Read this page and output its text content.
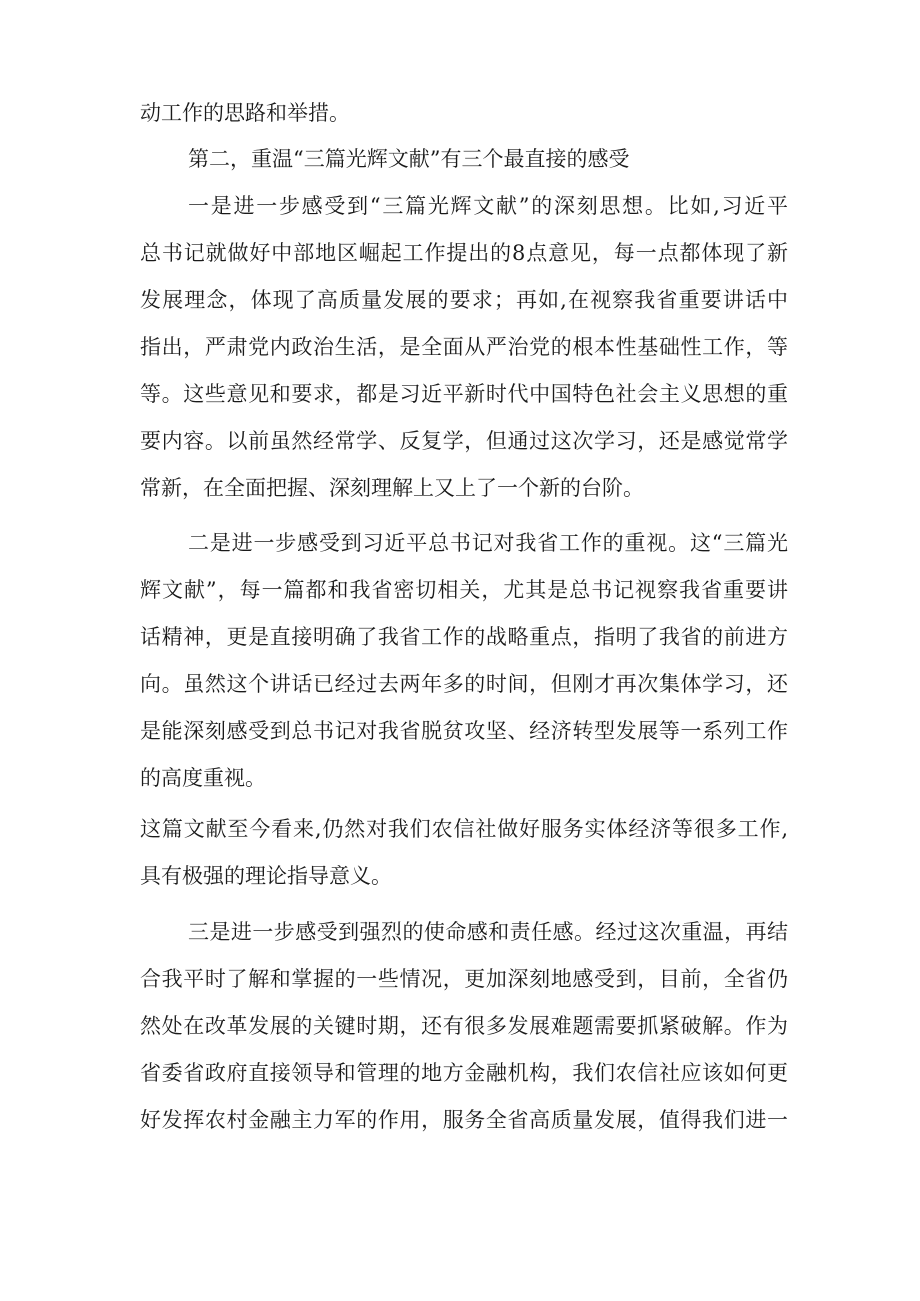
动工作的思路和举措。
第二，重温“三篇光辉文献”有三个最直接的感受
一是进一步感受到“三篇光辉文献”的深刻思想。比如,习近平
总书记就做好中部地区崛起工作提出的8点意见，每一点都体现了新
发展理念，体现了高质量发展的要求；再如,在视察我省重要讲话中
指出，严肃党内政治生活，是全面从严治党的根本性基础性工作，等
等。这些意见和要求，都是习近平新时代中国特色社会主义思想的重
要内容。以前虽然经常学、反复学，但通过这次学习，还是感觉常学
常新，在全面把握、深刻理解上又上了一个新的台阶。
二是进一步感受到习近平总书记对我省工作的重视。这“三篇光
辉文献”，每一篇都和我省密切相关，尤其是总书记视察我省重要讲
话精神，更是直接明确了我省工作的战略重点，指明了我省的前进方
向。虽然这个讲话已经过去两年多的时间，但刚才再次集体学习，还
是能深刻感受到总书记对我省脱贫攻坚、经济转型发展等一系列工作
的高度重视。
这篇文献至今看来,仍然对我们农信社做好服务实体经济等很多工作,
具有极强的理论指导意义。
三是进一步感受到强烈的使命感和责任感。经过这次重温，再结
合我平时了解和掌握的一些情况，更加深刻地感受到，目前，全省仍
然处在改革发展的关键时期，还有很多发展难题需要抓紧破解。作为
省委省政府直接领导和管理的地方金融机构，我们农信社应该如何更
好发挥农村金融主力军的作用，服务全省高质量发展，值得我们进一
